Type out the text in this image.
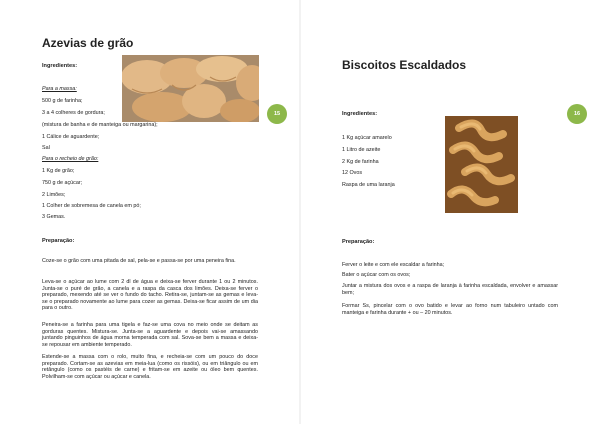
Azevias de grão
15
Ingredientes:
Para a massa:
500 g de farinha;
3 a 4 colheres de gordura;
(mistura de banha e de manteiga ou margarina);
1 Cálice de aguardente;
Sal
Para o recheio de grão:
1 Kg de grão;
750 g de açúcar;
2 Limões;
1 Colher de sobremesa de canela em pó;
3 Gemas.
Preparação:
Coze-se o grão com uma pitada de sal, pela-se e passa-se por uma peneira fina.
Leva-se o açúcar ao lume com 2 dl de água e deixa-se ferver durante 1 ou 2 minutos. Junta-se o puré de grão, a canela e a raspa da casca dos limões. Deixa-se ferver o preparado, mexendo até se ver o fundo do tacho. Retira-se, juntam-se as gemas e leva-se o preparado novamente ao lume para cozer as gemas. Deixa-se ficar assim de um dia para o outro.
Peneira-se a farinha para uma tigela e faz-se uma cova no meio onde se deitam as gorduras quentes. Mistura-se. Junta-se a aguardente e depois vai-se amassando juntando pinguinhos de água morna temperada com sal. Sova-se bem a massa e deixa-se repousar em ambiente temperado.
Estende-se a massa com o rolo, muito fina, e recheia-se com um pouco do doce preparado. Cortam-se as azevias em meia-lua (como os rissóis), ou em triângulo ou em retângulo (como os pastéis de carne) e fritam-se em azeite ou óleo bem quentes. Polvilham-se com açúcar ou açúcar e canela.
Biscoitos Escaldados
16
Ingredientes:
1 Kg açúcar amarelo
1 Litro de azeite
2 Kg de farinha
12 Ovos
Raspa de uma laranja
Preparação:
Ferver o leite e com ele escaldar a farinha;
Bater o açúcar com os ovos;
Juntar a mistura dos ovos e a raspa de laranja à farinha escaldada, envolver e amassar bem;
Formar Ss, pincelar com o ovo batido e levar ao forno num tabuleiro untado com manteiga e farinha durante + ou – 20 minutos.
